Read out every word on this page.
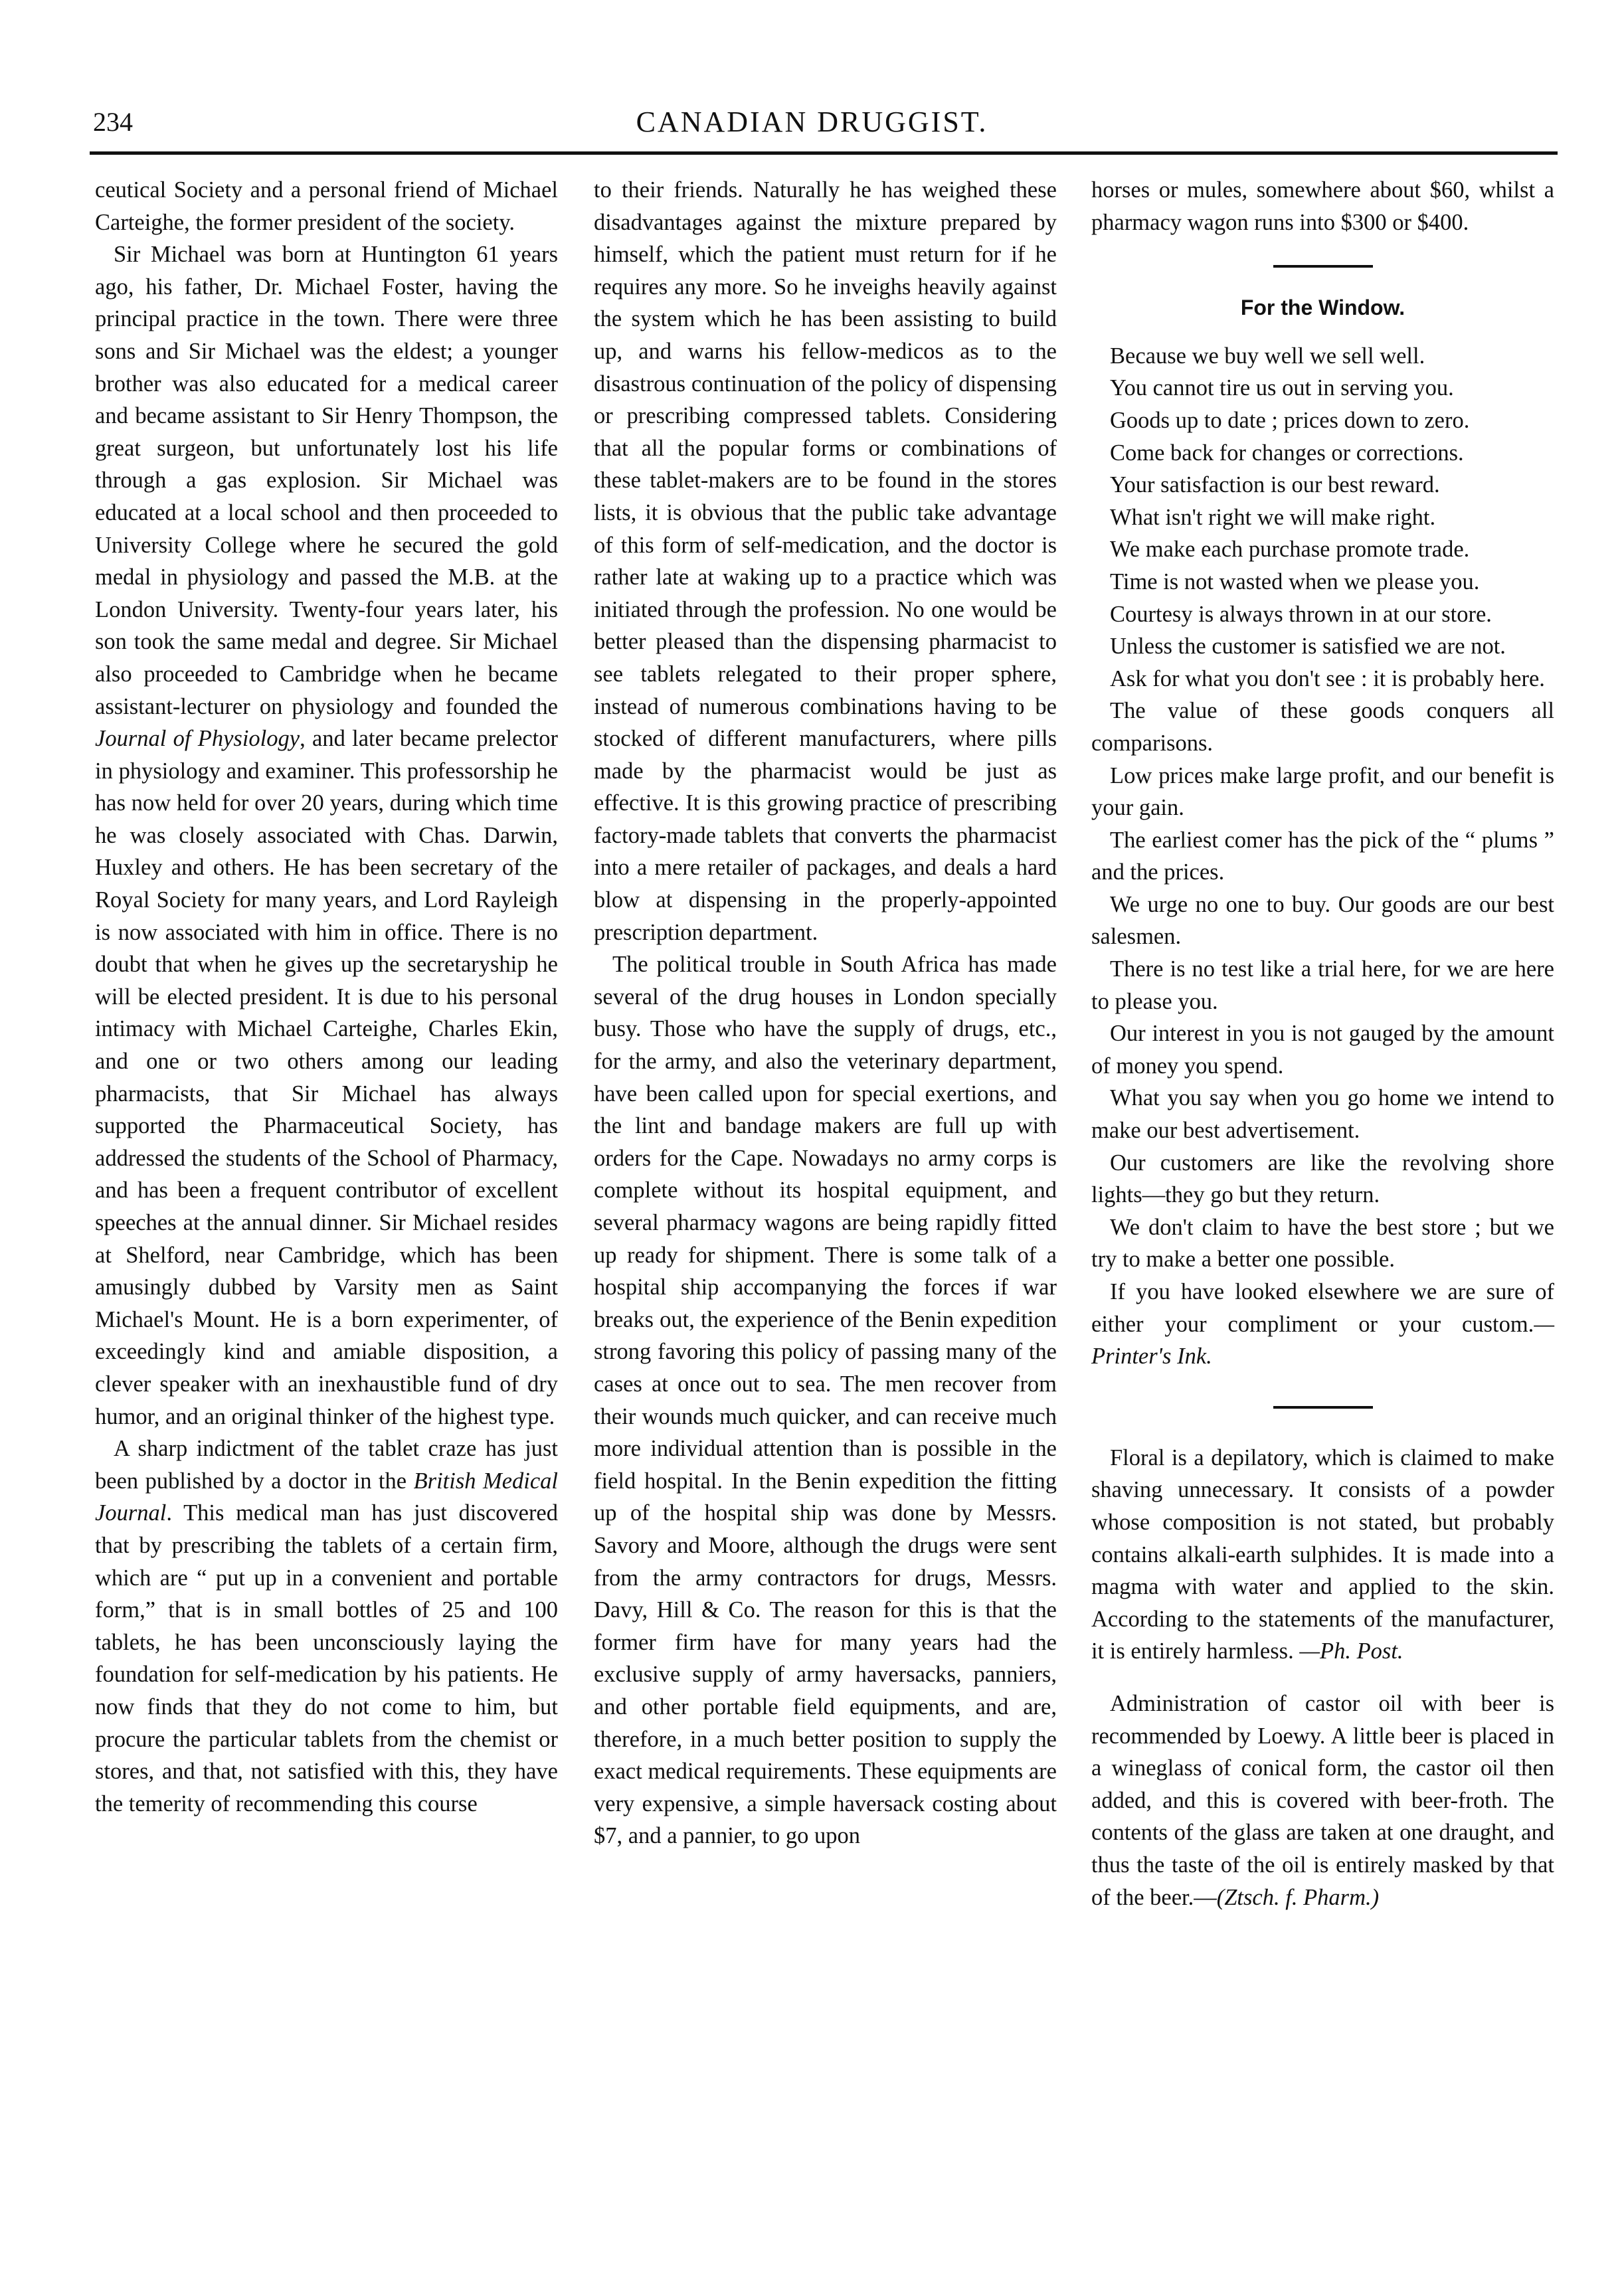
234	CANADIAN DRUGGIST.

ceutical Society and a personal friend of Michael Carteighe, the former president of the society.

Sir Michael was born at Huntington 61 years ago, his father, Dr. Michael Foster, having the principal practice in the town. There were three sons and Sir Michael was the eldest; a younger brother was also educated for a medical career and became assistant to Sir Henry Thompson, the great surgeon, but unfortunately lost his life through a gas explosion. Sir Michael was educated at a local school and then proceeded to University College where he secured the gold medal in physiology and passed the M.B. at the London University. Twenty-four years later, his son took the same medal and degree. Sir Michael also proceeded to Cambridge when he became assistant-lecturer on physiology and founded the Journal of Physiology, and later became prelector in physiology and examiner. This professorship he has now held for over 20 years, during which time he was closely associated with Chas. Darwin, Huxley and others. He has been secretary of the Royal Society for many years, and Lord Rayleigh is now associated with him in office. There is no doubt that when he gives up the secretaryship he will be elected president. It is due to his personal intimacy with Michael Carteighe, Charles Ekin, and one or two others among our leading pharmacists, that Sir Michael has always supported the Pharmaceutical Society, has addressed the students of the School of Pharmacy, and has been a frequent contributor of excellent speeches at the annual dinner. Sir Michael resides at Shelford, near Cambridge, which has been amusingly dubbed by Varsity men as Saint Michael's Mount. He is a born experimenter, of exceedingly kind and amiable disposition, a clever speaker with an inexhaustible fund of dry humor, and an original thinker of the highest type.

A sharp indictment of the tablet craze has just been published by a doctor in the British Medical Journal. This medical man has just discovered that by prescribing the tablets of a certain firm, which are “ put up in a convenient and portable form,” that is in small bottles of 25 and 100 tablets, he has been unconsciously laying the foundation for self-medication by his patients. He now finds that they do not come to him, but procure the particular tablets from the chemist or stores, and that, not satisfied with this, they have the temerity of recommending this course

to their friends. Naturally he has weighed these disadvantages against the mixture prepared by himself, which the patient must return for if he requires any more. So he inveighs heavily against the system which he has been assisting to build up, and warns his fellow-medicos as to the disastrous continuation of the policy of dispensing or prescribing compressed tablets. Considering that all the popular forms or combinations of these tablet-makers are to be found in the stores lists, it is obvious that the public take advantage of this form of self-medication, and the doctor is rather late at waking up to a practice which was initiated through the profession. No one would be better pleased than the dispensing pharmacist to see tablets relegated to their proper sphere, instead of numerous combinations having to be stocked of different manufacturers, where pills made by the pharmacist would be just as effective. It is this growing practice of prescribing factory-made tablets that converts the pharmacist into a mere retailer of packages, and deals a hard blow at dispensing in the properly-appointed prescription department.

The political trouble in South Africa has made several of the drug houses in London specially busy. Those who have the supply of drugs, etc., for the army, and also the veterinary department, have been called upon for special exertions, and the lint and bandage makers are full up with orders for the Cape. Nowadays no army corps is complete without its hospital equipment, and several pharmacy wagons are being rapidly fitted up ready for shipment. There is some talk of a hospital ship accompanying the forces if war breaks out, the experience of the Benin expedition strong favoring this policy of passing many of the cases at once out to sea. The men recover from their wounds much quicker, and can receive much more individual attention than is possible in the field hospital. In the Benin expedition the fitting up of the hospital ship was done by Messrs. Savory and Moore, although the drugs were sent from the army contractors for drugs, Messrs. Davy, Hill & Co. The reason for this is that the former firm have for many years had the exclusive supply of army haversacks, panniers, and other portable field equipments, and are, therefore, in a much better position to supply the exact medical requirements. These equipments are very expensive, a simple haversack costing about $7, and a pannier, to go upon

horses or mules, somewhere about $60, whilst a pharmacy wagon runs into $300 or $400.

For the Window.

Because we buy well we sell well.

You cannot tire us out in serving you.

Goods up to date ; prices down to zero.

Come back for changes or corrections.

Your satisfaction is our best reward.

What isn't right we will make right.

We make each purchase promote trade.

Time is not wasted when we please you.

Courtesy is always thrown in at our store.

Unless the customer is satisfied we are not.

Ask for what you don't see : it is probably here.

The value of these goods conquers all comparisons.

Low prices make large profit, and our benefit is your gain.

The earliest comer has the pick of the “ plums ” and the prices.

We urge no one to buy. Our goods are our best salesmen.

There is no test like a trial here, for we are here to please you.

Our interest in you is not gauged by the amount of money you spend.

What you say when you go home we intend to make our best advertisement.

Our customers are like the revolving shore lights—they go but they return.

We don't claim to have the best store ; but we try to make a better one possible.

If you have looked elsewhere we are sure of either your compliment or your custom.—Printer's Ink.

Floral is a depilatory, which is claimed to make shaving unnecessary. It consists of a powder whose composition is not stated, but probably contains alkali-earth sulphides. It is made into a magma with water and applied to the skin. According to the statements of the manufacturer, it is entirely harmless. —Ph. Post.

Administration of castor oil with beer is recommended by Loewy. A little beer is placed in a wineglass of conical form, the castor oil then added, and this is covered with beer-froth. The contents of the glass are taken at one draught, and thus the taste of the oil is entirely masked by that of the beer.—(Ztsch. f. Pharm.)
